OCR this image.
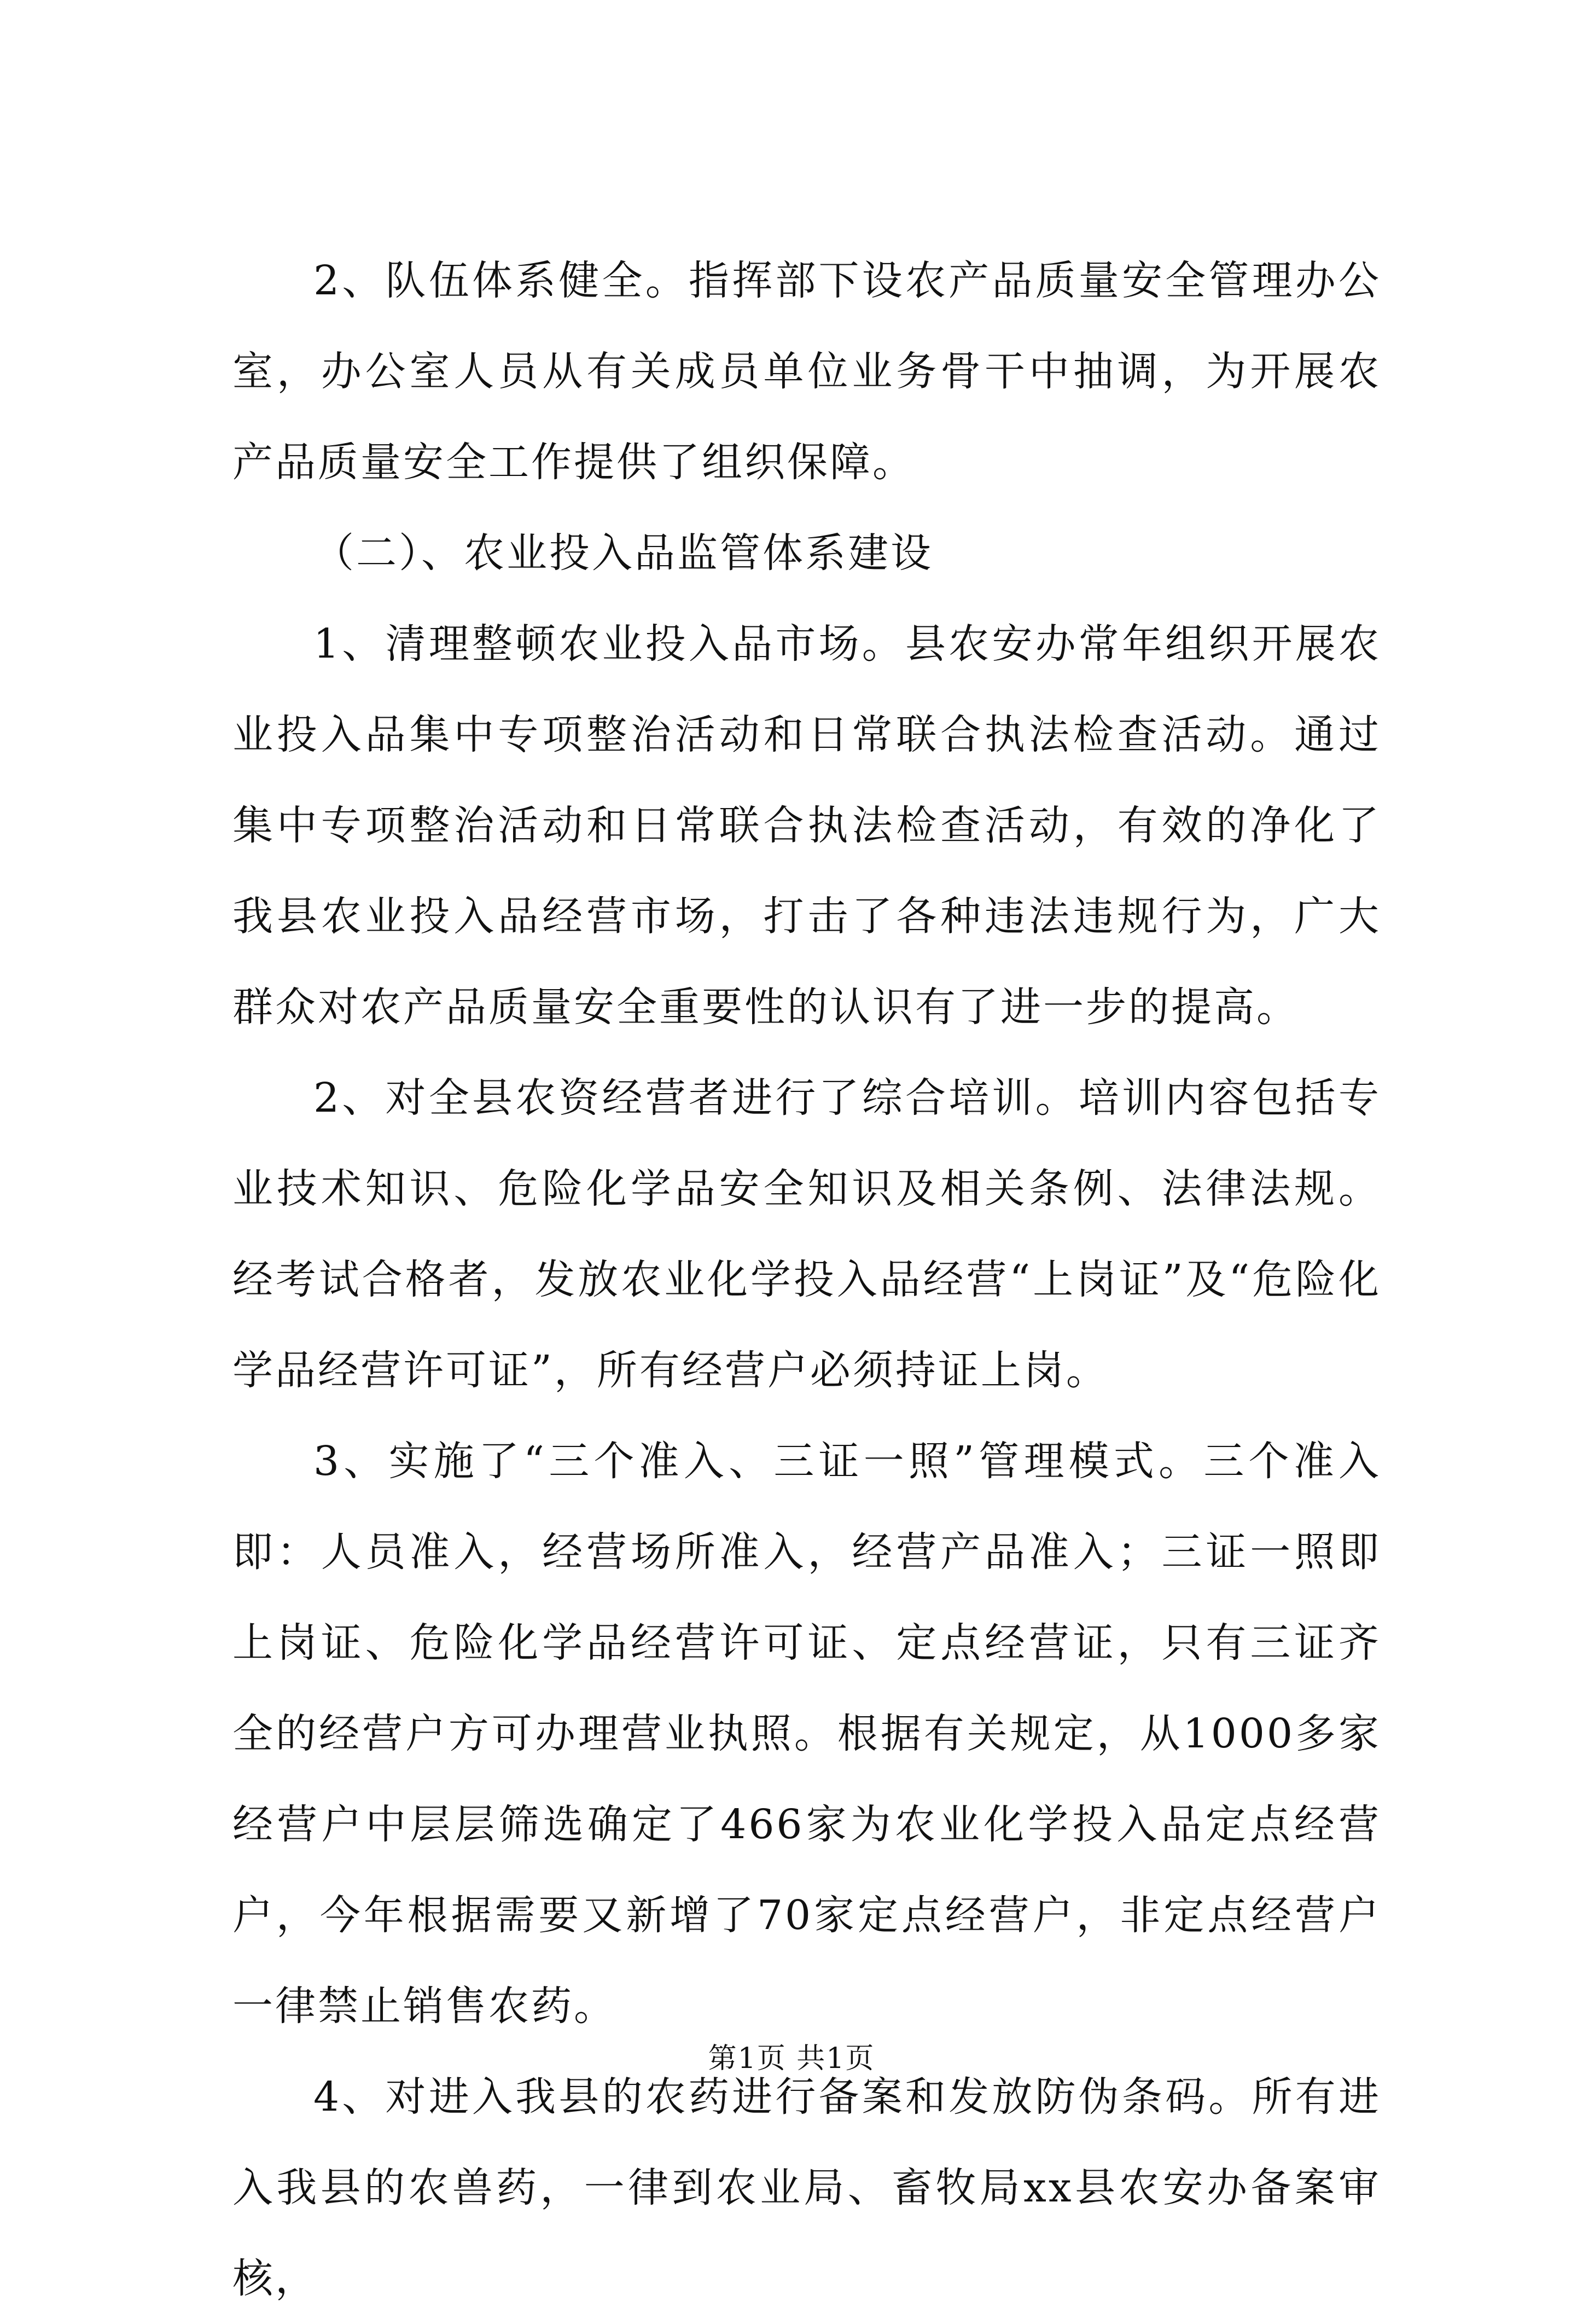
2、队伍体系健全。指挥部下设农产品质量安全管理办公室，办公室人员从有关成员单位业务骨干中抽调，为开展农产品质量安全工作提供了组织保障。

（二）、农业投入品监管体系建设

1、清理整顿农业投入品市场。县农安办常年组织开展农业投入品集中专项整治活动和日常联合执法检查活动。通过集中专项整治活动和日常联合执法检查活动，有效的净化了我县农业投入品经营市场，打击了各种违法违规行为，广大群众对农产品质量安全重要性的认识有了进一步的提高。

2、对全县农资经营者进行了综合培训。培训内容包括专业技术知识、危险化学品安全知识及相关条例、法律法规。经考试合格者，发放农业化学投入品经营“上岗证”及“危险化学品经营许可证”，所有经营户必须持证上岗。

3、实施了“三个准入、三证一照”管理模式。三个准入即：人员准入，经营场所准入，经营产品准入；三证一照即上岗证、危险化学品经营许可证、定点经营证，只有三证齐全的经营户方可办理营业执照。根据有关规定，从1000多家经营户中层层筛选确定了466家为农业化学投入品定点经营户，今年根据需要又新增了70家定点经营户，非定点经营户一律禁止销售农药。

4、对进入我县的农药进行备案和发放防伪条码。所有进入我县的农兽药，一律到农业局、畜牧局xx县农安办备案审核，

第1页 共1页
